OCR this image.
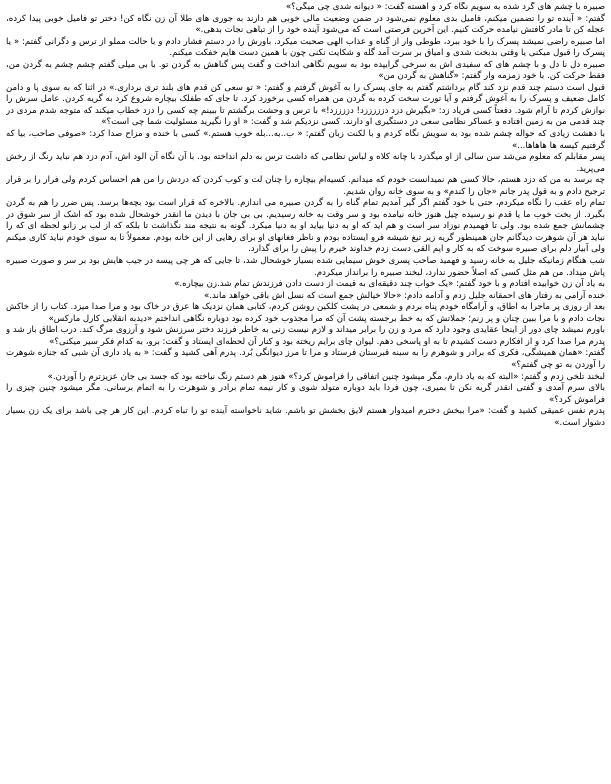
صبیره با چشم های گرد شده به سویم نگاه کرد و آهسته گفت: « دیوانه شدی چی میگی؟»

گفتم: « آینده تو را تضمین میکنم، فامیل بدی معلوم نمی‌شود در ضمن وضعیت مالی خوبی هم دارند به جوری های طلا آن زن نگاه کن! دختر تو فامیل خوبی پیدا کرده، عجله کن تا مادر کافتش نیامده حرکت کنیم. این آخرین فرصتی است که می‌شود آینده خود را از تباهی نجات بدهی.»

اما صبیره راضی نمیشد پسرک را با خود ببرد، طوطی وار از گناه و عذاب الهی صحبت میکرد. باورش را در دستم فشار دادم و با حالت مملو از ترس و دگرانی گفتم: « یا پسرک را قبول میکنی یا وقتی بدبخت شدی و امیاق بر سرت آمد گله و شکایت نکنی چون با همین دست هایم خفکت میکنم.

صبیره دل نا دل و با چشم های که سفیدی اش به سرخی گرایپده بود به سویم نگاهی انداخت و گفت پس گناهش به گردن تو. با بی میلی گفتم چشم چشم به گردن من، فقط حرکت کن. با خود زمزمه وار گفتم: «گناهش به گردن من»

قبول است دستم چند قدم نزد کند گام برداشتم گفتم به جای پسرک را به آغوش گرفتم و گفتم: « تو سعی کن قدم های بلند تری برداری.» در اثنا که به سوی پا و دامن کامل ضعیف و پسرک را به آغوش گرفتم و آیا تورت سخت کرده به گردن من همراه کسی برخورد کرد. تا جای که طفلک بیچاره شروع کرد به گریه کردن. عامل سرش را نوازش کردم تا آرام شود. دفعتاً کسی فریاد زد: «بگیرش دزد دزززززد! دززززد!» با ترس و وحشت برگشتم تا ببینم چه کسی را دزد خطاب میکند که متوجه شدم مردی در چند قدمی من به زمین افتاده و عساکر نظامی سعی در دستگیری او دارند. کسی نزدیکم شد و گفت: « او را نگیرید مسئولیت شما چی است؟»

با دهشت زیادی که حواله چشم شده بود به سویش نگاه کردم و با لکنت زبان گفتم: « ب..به...بله خوب هستم.» کسی با خنده و مزاح صدا کرد: «صوفی صاحب، بیا که گرفتیم کیسه ها هاهاها...»

پسر مقابلم که معلوم می‌شد سن سالی از او میگذرد با چانه کلاه و لباس نظامی که داشت ترس به دلم انداخته بود. با آن نگاه آن الود اش، آدم دزد هم نباید رنگ از رخش می‌پرید.

چه برسد به من که دزد هستم، حالا کسی هم نمیدانست خودم که میدانم. کسیه‌ام بیچاره را چنان لت و کوب کردن که دردش را من هم احساس کردم ولی فرار را بر قرار ترجیح دادم و به قول پدر جانم «جان را کندم» و به سوی خانه روان شدیم.

تمام راه عقب را نگاه میکردم، حتی با خود گفتم اگر گیر آمدیم تمام گناه را به گردن صبیره می اندازم. بالاخره که قرار است بود بچه‌ها برسد. پس ضرر را هم به گردن بگیرد. از بخت خوب ما یا قدم نو رسیده چیل هنوز خانه نیامده بود و سر وقت به خانه رسیدیم. بی بی جان با دیدن ما انقدر خوشحال شده بود که اشک از سر شوق در چشمانش جمع شده بود. ولی تا فهمیدم نوزاد سر است و هم اید که او به دنیا بیاید او به دنیا میکرد. گونه به نتیجه مند نگذاشت تا بلکه که از لب بر زانو لحظه ای که را نباید هر آن شوهرت دیدگانم جان همینطور گریه زیر تیغ شیشه فرو ایستاده بودم و ناظر فغانهای او برای رهایی از این خانه بودم. معمولاً تا به سوی خودم نباید کاری میکنم ولی آبیار دلم برای صبیره سوخت که به کار و ایم القی دست زدم خداوند خیرم را پیش را برای گذارد.

شب هنگام زمانیکه جلیل به خانه رسید و فهمید صاحب پسری خوش سیمایی شده بسیار خوشحال شد، تا جایی که هر چی پیسه در جیب هایش بود بر سر و صورت صبیره پاش میداد. من هم مثل کسی که اصلاً حضور ندارد، لبخند صبیره را برانداز میکردم.

به یاد آن زن خوابیده افتادم و با خود گفتم: «یک خواب چند دقیقه‌ای به قیمت از دست دادن فرزندش تمام شد.زن بیچاره.»

خنده آرامی به رفتار های احمقانه جلیل زدم و آدامه دادم: «حالا خیالش جمع است که نسل اش باقی خواهد ماند.»

بعد از روزی پر ماجرا به اطاق، و آرامگاه خودم پناه بردم و شمعی در پشت کلکین روشن کردم، کتابی همان نزدیک ها عرق در خاک بود و مرا صدا میزد. کتاب را از خاکش نجات دادم و با مرا ببین چنان و پر زنم؛ جملاتش که به خط برجسته پشت آن که مرا مجذوب خود کرده بود دوباره نگاهی انداختم «دیدبه انقلابی کارل مارکس»

باورم نمیشد چای دور از اینجا عقایدی وجود دارد که مرد و زن را برابر میداند و لازم نیست زنی به خاطر فرزند دختر سرزنش شود و آرزوی مرگ کند. درب اطاق باز شد و پدرم مرا صدا کرد و از افکارم دست کشیدم تا به او پاسخی دهم. لیوان چای برایم ریخته بود و کنار آن لحظه‌ای ایستاد و گفت: برو، به کدام فکر سیر میکنی؟»

گفتم: «همان همیشگی، فکری که برادر و شوهرم را به سینه قبرستان فرستاد و مرا تا مرز دیوانگی بُرد. پدرم آهی کشید و گفت: « به یاد داری آن شبی که جنازه شوهرت را آوردن به تو چی گفتم؟»

لبخند تلخی زدم و گفتم: «البته که به یاد دارم، مگر میشود چنین اتفاقی را فراموش کرد؟» هنوز هم دستم رنگ نباخته بود که جسد بی جان عزیزترم را آوردن.»

بالای سرم آمدی و گفتی انقدر گریه نکن تا بمیری، چون فردا باید دوباره متولد شوی و کار نیمه تمام برادر و شوهرت را به اتمام برسانی. مگر میشود چنین چیزی را فراموش کرد؟»

پدرم نفس عمیقی کشید و گفت: «مرا ببخش دخترم امیدوار هستم لایق بخشش تو باشم. شاید ناخواسته آینده تو را تباه کردم. این کار هر چی باشد برای یک زن بسیار دشوار است.»
